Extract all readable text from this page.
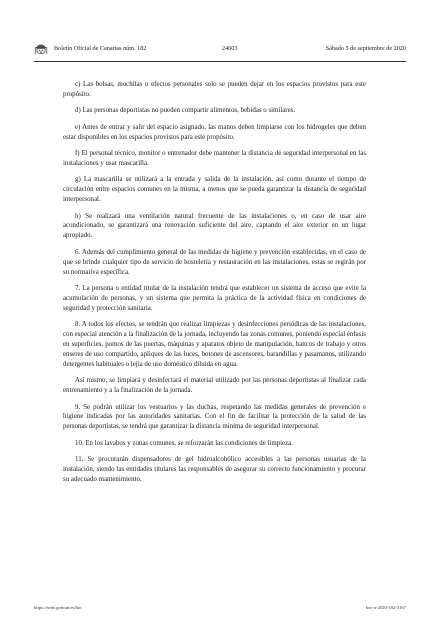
Boletín Oficial de Canarias núm. 182	24603	Sábado 5 de septiembre de 2020

c) Las bolsas, mochilas o efectos personales solo se pueden dejar en los espacios provistos para este propósito.

d) Las personas deportistas no pueden compartir alimentos, bebidas o similares.

e) Antes de entrar y salir del espacio asignado, las manos deben limpiarse con los hidrogeles que deben estar disponibles en los espacios provistos para este propósito.

f) El personal técnico, monitor o entrenador debe mantener la distancia de seguridad interpersonal en las instalaciones y usar mascarilla.

g) La mascarilla se utilizará a la entrada y salida de la instalación, así como durante el tiempo de circulación entre espacios comunes en la misma, a menos que se pueda garantizar la distancia de seguridad interpersonal.

h) Se realizará una ventilación natural frecuente de las instalaciones o, en caso de usar aire acondicionado, se garantizará una renovación suficiente del aire, captando el aire exterior en un lugar apropiado.

6. Además del cumplimiento general de las medidas de higiene y prevención establecidas, en el caso de que se brinde cualquier tipo de servicio de hostelería y restauración en las instalaciones, estas se regirán por su normativa específica.

7. La persona o entidad titular de la instalación tendrá que establecer un sistema de acceso que evite la acumulación de personas, y un sistema que permita la práctica de la actividad física en condiciones de seguridad y protección sanitaria.

8. A todos los efectos, se tendrán que realizar limpiezas y desinfecciones periódicas de las instalaciones, con especial atención a la finalización de la jornada, incluyendo las zonas comunes, poniendo especial énfasis en superficies, pomos de las puertas, máquinas y aparatos objeto de manipulación, bancos de trabajo y otros enseres de uso compartido, apliques de las luces, botones de ascensores, barandillas y pasamanos, utilizando detergentes habituales o lejía de uso doméstico diluida en agua.

Así mismo, se limpiará y desinfectará el material utilizado por las personas deportistas al finalizar cada entrenamiento y a la finalización de la jornada.

9. Se podrán utilizar los vestuarios y las duchas, respetando las medidas generales de prevención e higiene indicadas por las autoridades sanitarias. Con el fin de facilitar la protección de la salud de las personas deportistas, se tendrá que garantizar la distancia mínima de seguridad interpersonal.

10. En los lavabos y zonas comunes, se reforzarán las condiciones de limpieza.

11. Se procurarán dispensadores de gel hidroalcohólico accesibles a las personas usuarias de la instalación, siendo las entidades titulares las responsables de asegurar su correcto funcionamiento y procurar su adecuado mantenimiento.

https://sede.gobcan.es/boc	boc-a-2020-182-3167
